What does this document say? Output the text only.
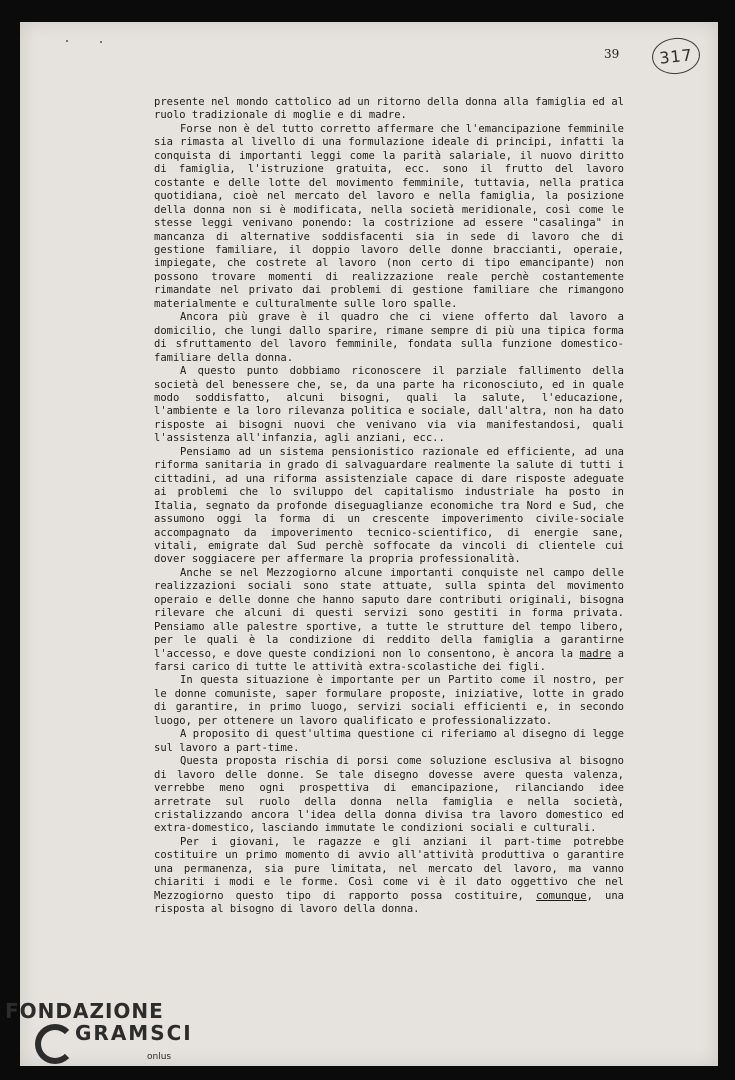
39	317

presente nel mondo cattolico ad un ritorno della donna alla famiglia ed al ruolo tradizionale di moglie e di madre.

Forse non è del tutto corretto affermare che l'emancipazione femminile sia rimasta al livello di una formulazione ideale di principi, infatti la conquista di importanti leggi come la parità salariale, il nuovo diritto di famiglia, l'istruzione gratuita, ecc. sono il frutto del lavoro costante e delle lotte del movimento femminile, tuttavia, nella pratica quotidiana, cioè nel mercato del lavoro e nella famiglia, la posizione della donna non si è modificata, nella società meridionale, così come le stesse leggi venivano ponendo: la costrizione ad essere "casalinga" in mancanza di alternative soddisfacenti sia in sede di lavoro che di gestione familiare, il doppio lavoro delle donne braccianti, operaie, impiegate, che costrete al lavoro (non certo di tipo emancipante) non possono trovare momenti di realizzazione reale perchè costantemente rimandate nel privato dai problemi di gestione familiare che rimangono materialmente e culturalmente sulle loro spalle.

Ancora più grave è il quadro che ci viene offerto dal lavoro a domicilio, che lungi dallo sparire, rimane sempre di più una tipica forma di sfruttamento del lavoro femminile, fondata sulla funzione domestico-familiare della donna.

A questo punto dobbiamo riconoscere il parziale fallimento della società del benessere che, se, da una parte ha riconosciuto, ed in quale modo soddisfatto, alcuni bisogni, quali la salute, l'educazione, l'ambiente e la loro rilevanza politica e sociale, dall'altra, non ha dato risposte ai bisogni nuovi che venivano via via manifestandosi, quali l'assistenza all'infanzia, agli anziani, ecc..

Pensiamo ad un sistema pensionistico razionale ed efficiente, ad una riforma sanitaria in grado di salvaguardare realmente la salute di tutti i cittadini, ad una riforma assistenziale capace di dare risposte adeguate ai problemi che lo sviluppo del capitalismo industriale ha posto in Italia, segnato da profonde diseguaglianze economiche tra Nord e Sud, che assumono oggi la forma di un crescente impoverimento civile-sociale accompagnato da impoverimento tecnico-scientifico, di energie sane, vitali, emigrate dal Sud perchè soffocate da vincoli di clientele cui dover soggiacere per affermare la propria professionalità.

Anche se nel Mezzogiorno alcune importanti conquiste nel campo delle realizzazioni sociali sono state attuate, sulla spinta del movimento operaio e delle donne che hanno saputo dare contributi originali, bisogna rilevare che alcuni di questi servizi sono gestiti in forma privata. Pensiamo alle palestre sportive, a tutte le strutture del tempo libero, per le quali è la condizione di reddito della famiglia a garantirne l'accesso, e dove queste condizioni non lo consentono, è ancora la madre a farsi carico di tutte le attività extra-scolastiche dei figli.

In questa situazione è importante per un Partito come il nostro, per le donne comuniste, saper formulare proposte, iniziative, lotte in grado di garantire, in primo luogo, servizi sociali efficienti e, in secondo luogo, per ottenere un lavoro qualificato e professionalizzato.

A proposito di quest'ultima questione ci riferiamo al disegno di legge sul lavoro a part-time.

Questa proposta rischia di porsi come soluzione esclusiva al bisogno di lavoro delle donne. Se tale disegno dovesse avere questa valenza, verrebbe meno ogni prospettiva di emancipazione, rilanciando idee arretrate sul ruolo della donna nella famiglia e nella società, cristalizzando ancora l'idea della donna divisa tra lavoro domestico ed extra-domestico, lasciando immutate le condizioni sociali e culturali.

Per i giovani, le ragazze e gli anziani il part-time potrebbe costituire un primo momento di avvio all'attività produttiva o garantire una permanenza, sia pure limitata, nel mercato del lavoro, ma vanno chiariti i modi e le forme. Così come vi è il dato oggettivo che nel Mezzogiorno questo tipo di rapporto possa costituire, comunque, una risposta al bisogno di lavoro della donna.

FONDAZIONE
GRAMSCI
onlus
